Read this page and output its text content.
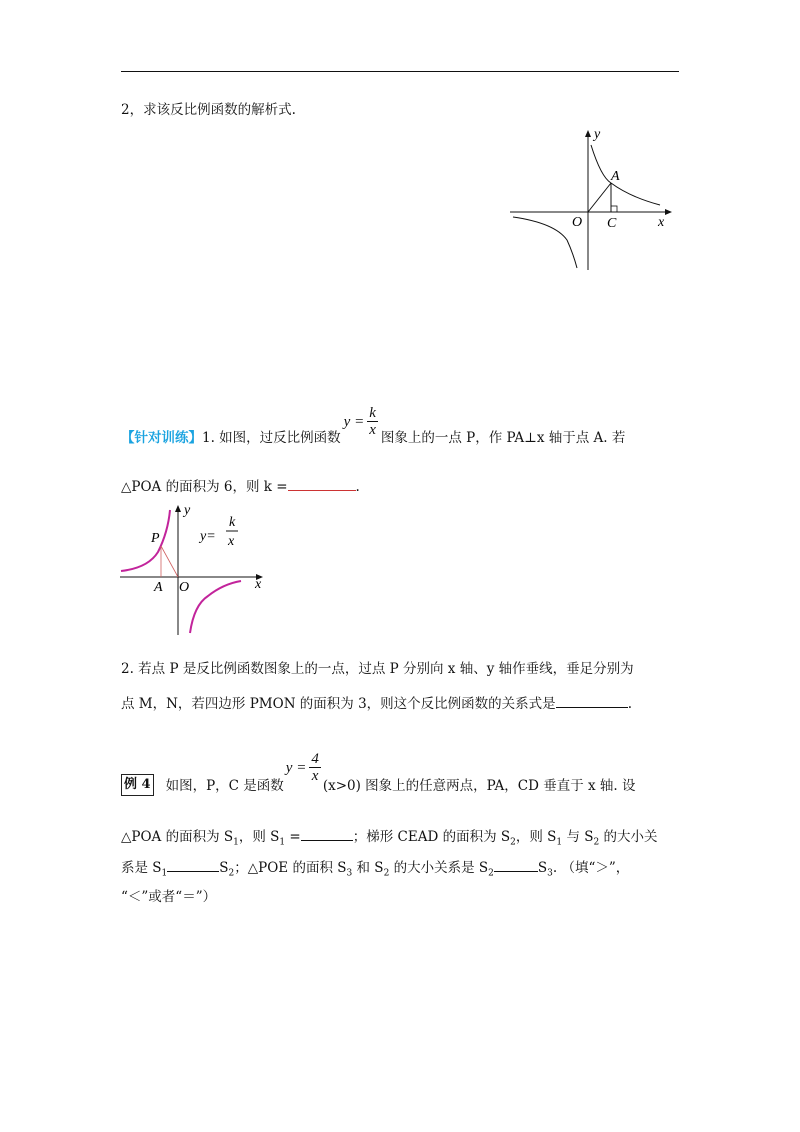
2，求该反比例函数的解析式.
y
x
A
O C
【针对训练】 1. 如图，过反比例函数
$y = \frac{k}{x}$ 图象上的一点 P，作 PA⊥x 轴于点 A. 若
△POA 的面积为 6，则 k =	.
y
x
P
A O
y=
k
x
2. 若点 P 是反比例函数图象上的一点，过点 P 分别向 x 轴、y 轴作垂线，垂足分别为
点 M，N，若四边形 PMON 的面积为 3，则这个反比例函数的关系式是	.
例 4 如图，P，C 是函数
$y = \frac{4}{x}$
(x>0) 图象上的任意两点，PA，CD 垂直于 x 轴. 设
△POA 的面积为 $S_1$，则 $S_1$ =	；梯形 CEAD 的面积为 $S_2$，则 $S_1$ 与 $S_2$ 的大小关
系是 $S_1$	$S_2$；△POE 的面积 $S_3$ 和 $S_2$ 的大小关系是 $S_2$	$S_3$. （填“＞”，
“＜”或者“＝”）
